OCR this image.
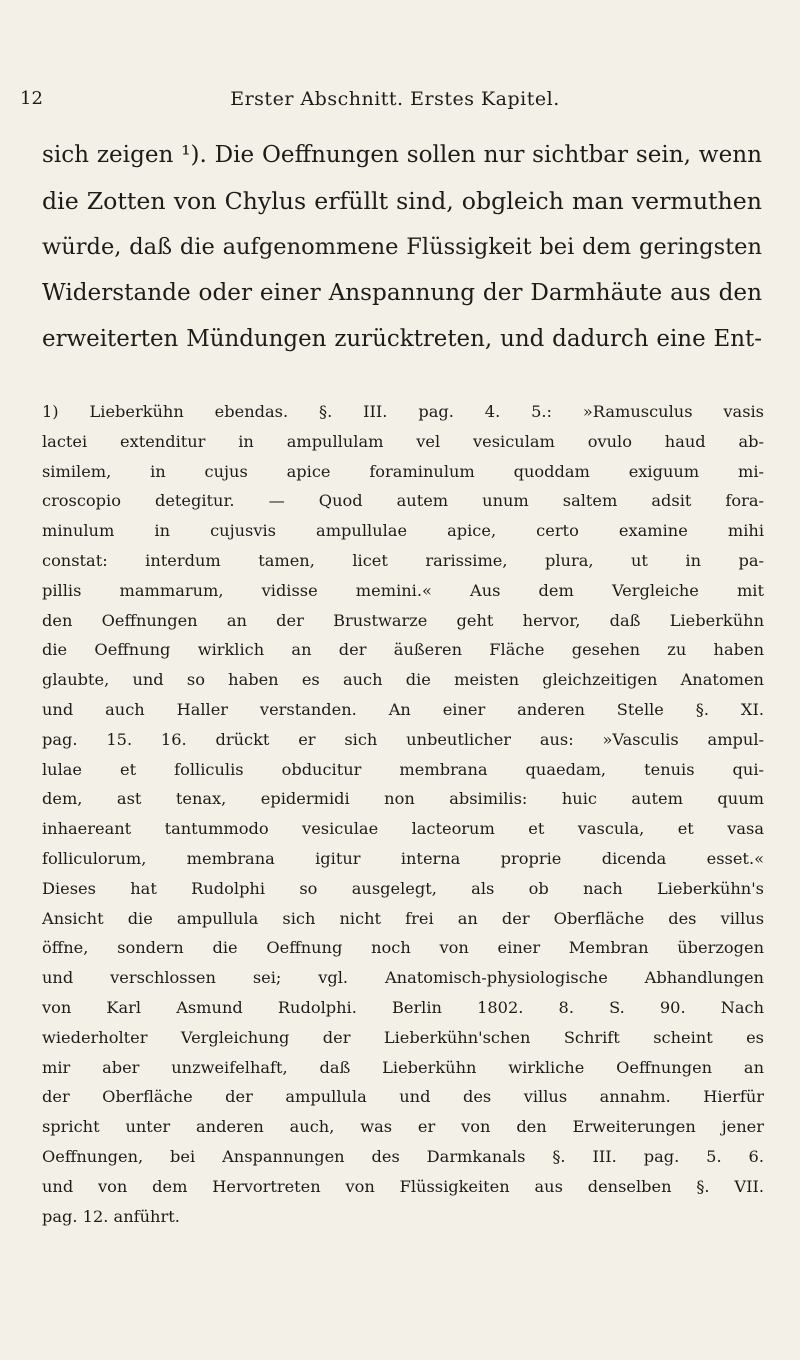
12	Erster Abschnitt. Erstes Kapitel.
sich zeigen ¹). Die Oeffnungen sollen nur sichtbar sein, wenn
die Zotten von Chylus erfüllt sind, obgleich man vermuthen
würde, daß die aufgenommene Flüssigkeit bei dem geringsten
Widerstande oder einer Anspannung der Darmhäute aus den
erweiterten Mündungen zurücktreten, und dadurch eine Ent-
1) Lieberkühn ebendas. §. III. pag. 4. 5.: »Ramusculus vasis
lactei extenditur in ampullulam vel vesiculam ovulo haud ab-
similem, in cujus apice foraminulum quoddam exiguum mi-
croscopio detegitur. — Quod autem unum saltem adsit fora-
minulum in cujusvis ampullulae apice, certo examine mihi
constat: interdum tamen, licet rarissime, plura, ut in pa-
pillis mammarum, vidisse memini.« Aus dem Vergleiche mit
den Oeffnungen an der Brustwarze geht hervor, daß Lieberkühn
die Oeffnung wirklich an der äußeren Fläche gesehen zu haben
glaubte, und so haben es auch die meisten gleichzeitigen Anatomen
und auch Haller verstanden. An einer anderen Stelle §. XI.
pag. 15. 16. drückt er sich unbeutlicher aus: »Vasculis ampul-
lulae et folliculis obducitur membrana quaedam, tenuis qui-
dem, ast tenax, epidermidi non absimilis: huic autem quum
inhaereant tantummodo vesiculae lacteorum et vascula, et vasa
folliculorum, membrana igitur interna proprie dicenda esset.«
Dieses hat Rudolphi so ausgelegt, als ob nach Lieberkühn's
Ansicht die ampullula sich nicht frei an der Oberfläche des villus
öffne, sondern die Oeffnung noch von einer Membran überzogen
und verschlossen sei; vgl. Anatomisch-physiologische Abhandlungen
von Karl Asmund Rudolphi. Berlin 1802. 8. S. 90. Nach
wiederholter Vergleichung der Lieberkühn'schen Schrift scheint es
mir aber unzweifelhaft, daß Lieberkühn wirkliche Oeffnungen an
der Oberfläche der ampullula und des villus annahm. Hierfür
spricht unter anderen auch, was er von den Erweiterungen jener
Oeffnungen, bei Anspannungen des Darmkanals §. III. pag. 5. 6.
und von dem Hervortreten von Flüssigkeiten aus denselben §. VII.
pag. 12. anführt.
